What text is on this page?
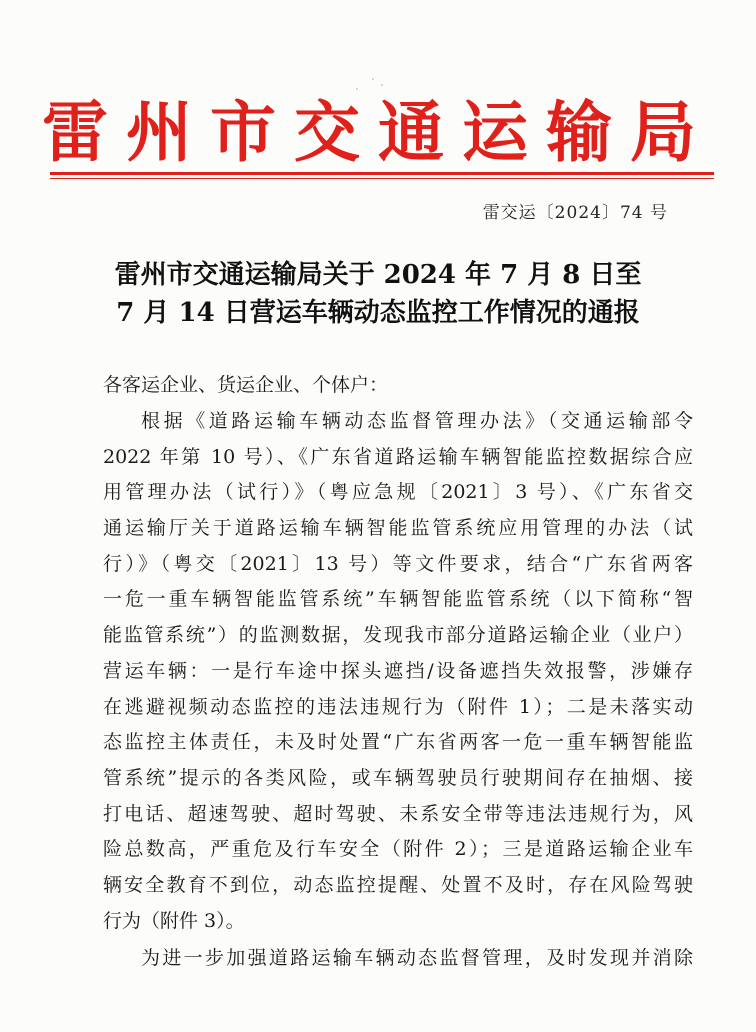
雷州市交通运输局
雷交运〔2024〕74 号
雷州市交通运输局关于 2024 年 7 月 8 日至
7 月 14 日营运车辆动态监控工作情况的通报
各客运企业、货运企业、个体户：
根据《道路运输车辆动态监督管理办法》（交通运输部令
2022 年第 10 号）、《广东省道路运输车辆智能监控数据综合应
用管理办法（试行）》（粤应急规〔2021〕3 号）、《广东省交
通运输厅关于道路运输车辆智能监管系统应用管理的办法（试
行）》（粤交〔2021〕13 号）等文件要求，结合“广东省两客
一危一重车辆智能监管系统”车辆智能监管系统（以下简称“智
能监管系统”）的监测数据，发现我市部分道路运输企业（业户）
营运车辆：一是行车途中探头遮挡/设备遮挡失效报警，涉嫌存
在逃避视频动态监控的违法违规行为（附件 1）；二是未落实动
态监控主体责任，未及时处置“广东省两客一危一重车辆智能监
管系统”提示的各类风险，或车辆驾驶员行驶期间存在抽烟、接
打电话、超速驾驶、超时驾驶、未系安全带等违法违规行为，风
险总数高，严重危及行车安全（附件 2）；三是道路运输企业车
辆安全教育不到位，动态监控提醒、处置不及时，存在风险驾驶
行为（附件 3）。
为进一步加强道路运输车辆动态监督管理，及时发现并消除
